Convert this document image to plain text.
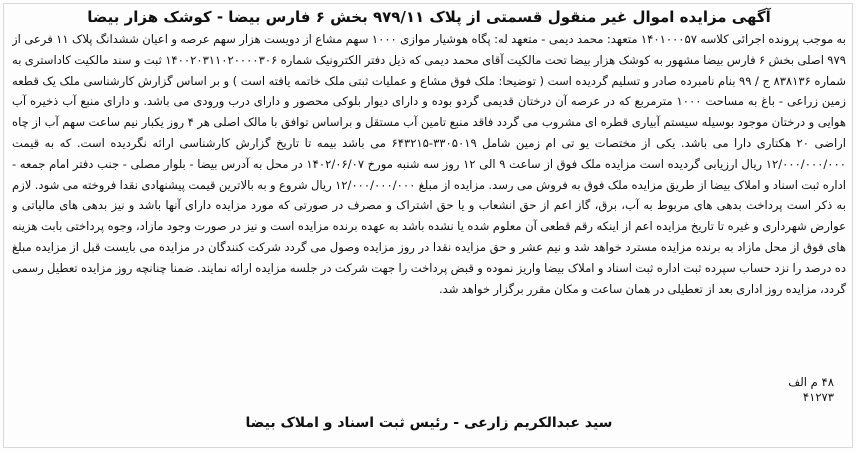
آگهی مزایده اموال غیر منقول قسمتی از پلاک ۹۷۹/۱۱ بخش ۶ فارس بیضا - کوشک هزار بیضا

به موجب پرونده اجرائی کلاسه ۱۴۰۱۰۰۰۵۷ متعهد: محمد دیمی - متعهد له: پگاه هوشیار موازی ۱۰۰۰ سهم مشاع از دویست هزار سهم عرصه و اعیان ششدانگ پلاک ۱۱ فرعی از ۹۷۹ اصلی بخش ۶ فارس بیضا مشهور به کوشک هزار بیضا تحت مالکیت آقای محمد دیمی که ذیل دفتر الکترونیک شماره ۱۴۰۰۲۰۳۱۱۰۲۰۰۰۰۳۰۶ ثبت و سند مالکیت کاداستری به شماره ۸۳۸۱۳۶ ج / ۹۹ بنام نامبرده صادر و تسلیم گردیده است ( توضیحا: ملک فوق مشاع و عملیات ثبتی ملک خاتمه یافته است ) و بر اساس گزارش کارشناسی ملک یک قطعه زمین زراعی - باغ به مساحت ۱۰۰۰ مترمربع که در عرصه آن درختان قدیمی گردو بوده و دارای دیوار بلوکی محصور و دارای درب ورودی می باشد. و دارای منبع آب ذخیره آب هوایی و درختان موجود بوسیله سیستم آبیاری قطره ای مشروب می گردد فاقد منبع تامین آب مستقل و براساس توافق با مالک اصلی هر ۴ روز یکبار نیم ساعت سهم آب از چاه اراضی ۲۰ هکتاری دارا می باشد. یکی از مختصات یو تی ام زمین شامل ۳۳۰۵۰۱۹-۶۴۳۲۱۵ می باشد بیمه تا تاریخ گزارش کارشناسی ارائه نگردیده است. که به قیمت ۱۲/۰۰۰/۰۰۰/۰۰۰ ریال ارزیابی گردیده است مزایده ملک فوق از ساعت ۹ الی ۱۲ روز سه شنبه مورخ ۱۴۰۲/۰۶/۰۷ در محل به آدرس بیضا - بلوار مصلی - جنب دفتر امام جمعه - اداره ثبت اسناد و املاک بیضا از طریق مزایده ملک فوق به فروش می رسد. مزایده از مبلغ ۱۲/۰۰۰/۰۰۰/۰۰۰ ریال شروع و به بالاترین قیمت پیشنهادی نقدا فروخته می شود. لازم به ذکر است پرداخت بدهی های مربوط به آب، برق، گاز اعم از حق انشعاب و یا حق اشتراک و مصرف در صورتی که مورد مزایده دارای آنها باشد و نیز بدهی های مالیاتی و عوارض شهرداری و غیره تا تاریخ مزایده اعم از اینکه رقم قطعی آن معلوم شده یا نشده باشد به عهده برنده مزایده است و نیز در صورت وجود مازاد، وجوه پرداختی بابت هزینه های فوق از محل مازاد به برنده مزایده مسترد خواهد شد و نیم عشر و حق مزایده نقدا در روز مزایده وصول می گردد شرکت کنندگان در مزایده می بایست قبل از مزایده مبلغ ده درصد را نزد حساب سپرده ثبت اداره ثبت اسناد و املاک بیضا واریز نموده و قبض پرداخت را جهت شرکت در جلسه مزایده ارائه نمایند. ضمنا چنانچه روز مزایده تعطیل رسمی گردد، مزایده روز اداری بعد از تعطیلی در همان ساعت و مکان مقرر برگزار خواهد شد.

۴۸ م الف
۴۱۲۷۳
سید عبدالکریم زارعی - رئیس ثبت اسناد و املاک بیضا
